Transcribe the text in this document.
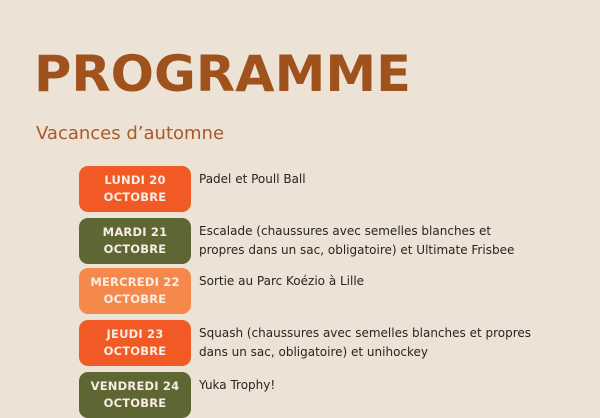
PROGRAMME

Vacances d’automne

LUNDI 20
OCTOBRE
Padel et Poull Ball
MARDI 21
OCTOBRE
Escalade (chaussures avec semelles blanches et propres dans un sac, obligatoire) et Ultimate Frisbee
MERCREDI 22
OCTOBRE
Sortie au Parc Koézio à Lille
JEUDI 23
OCTOBRE
Squash (chaussures avec semelles blanches et propres dans un sac, obligatoire) et unihockey
VENDREDI 24
OCTOBRE
Yuka Trophy!
